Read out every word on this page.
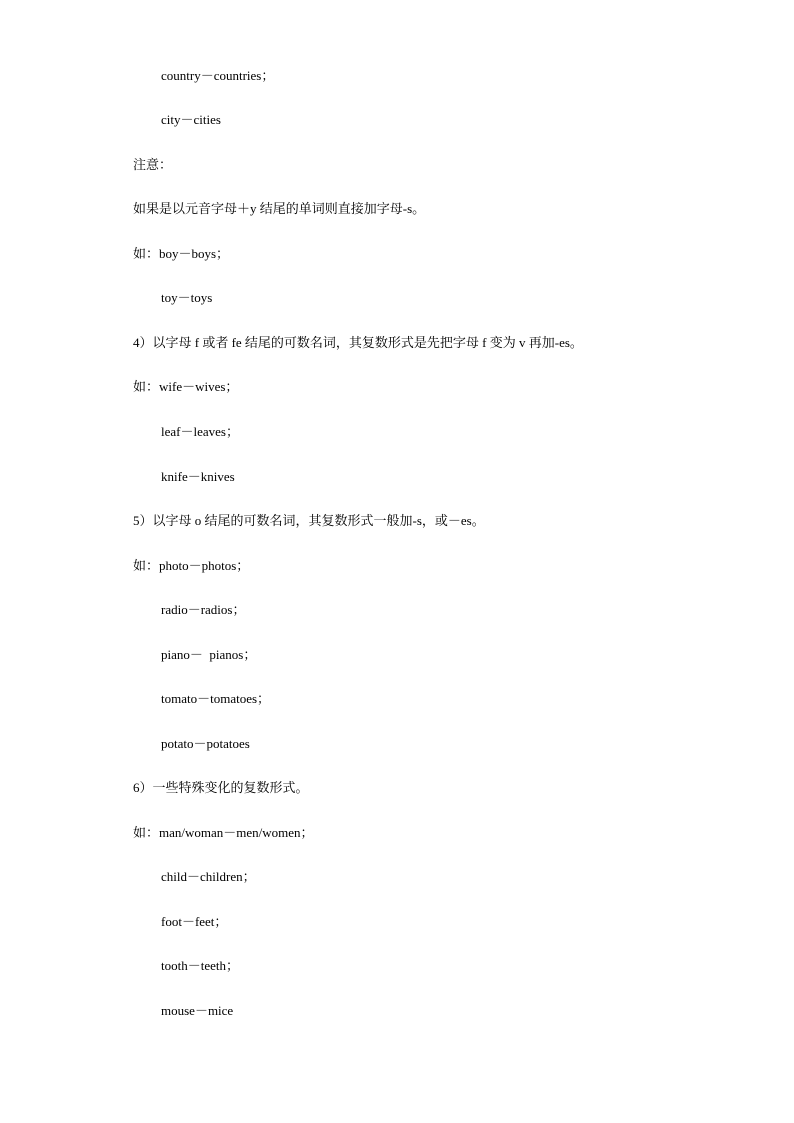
country－countries；

city－cities

注意：

如果是以元音字母＋y 结尾的单词则直接加字母-s。

如：boy－boys；

toy－toys

4）以字母 f 或者 fe 结尾的可数名词，其复数形式是先把字母 f 变为 v 再加-es。

如：wife－wives；

leaf－leaves；

knife－knives

5）以字母 o 结尾的可数名词，其复数形式一般加-s，或－es。

如：photo－photos；

radio－radios；

piano－  pianos；

tomato－tomatoes；

potato－potatoes

6）一些特殊变化的复数形式。

如：man/woman－men/women；

child－children；

foot－feet；

tooth－teeth；

mouse－mice
